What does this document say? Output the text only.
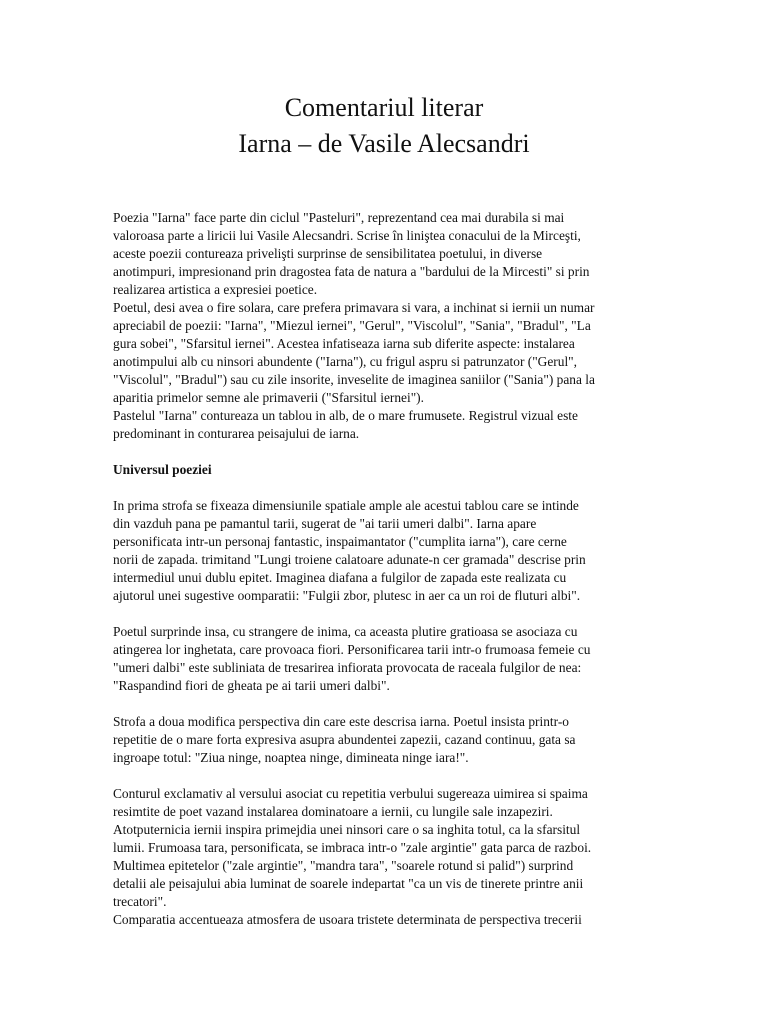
Comentariul literar
Iarna – de Vasile Alecsandri
Poezia "Iarna" face parte din ciclul "Pasteluri", reprezentand cea mai durabila si mai
valoroasa parte a liricii lui Vasile Alecsandri. Scrise în liniştea conacului de la Mirceşti,
aceste poezii contureaza privelişti surprinse de sensibilitatea poetului, in diverse
anotimpuri, impresionand prin dragostea fata de natura a "bardului de la Mircesti" si prin
realizarea artistica a expresiei poetice.
Poetul, desi avea o fire solara, care prefera primavara si vara, a inchinat si iernii un numar
apreciabil de poezii: "Iarna", "Miezul iernei", "Gerul", "Viscolul", "Sania", "Bradul", "La
gura sobei", "Sfarsitul iernei". Acestea infatiseaza iarna sub diferite aspecte: instalarea
anotimpului alb cu ninsori abundente ("Iarna"), cu frigul aspru si patrunzator ("Gerul",
"Viscolul", "Bradul") sau cu zile insorite, inveselite de imaginea saniilor ("Sania") pana la
aparitia primelor semne ale primaverii ("Sfarsitul iernei").
Pastelul "Iarna" contureaza un tablou in alb, de o mare frumusete. Registrul vizual este
predominant in conturarea peisajului de iarna.
Universul poeziei
In prima strofa se fixeaza dimensiunile spatiale ample ale acestui tablou care se intinde
din vazduh pana pe pamantul tarii, sugerat de "ai tarii umeri dalbi". Iarna apare
personificata intr-un personaj fantastic, inspaimantator ("cumplita iarna"), care cerne
norii de zapada. trimitand "Lungi troiene calatoare adunate-n cer gramada" descrise prin
intermediul unui dublu epitet. Imaginea diafana a fulgilor de zapada este realizata cu
ajutorul unei sugestive oomparatii: "Fulgii zbor, plutesc in aer ca un roi de fluturi albi".
Poetul surprinde insa, cu strangere de inima, ca aceasta plutire gratioasa se asociaza cu
atingerea lor inghetata, care provoaca fiori. Personificarea tarii intr-o frumoasa femeie cu
"umeri dalbi" este subliniata de tresarirea infiorata provocata de raceala fulgilor de nea:
"Raspandind fiori de gheata pe ai tarii umeri dalbi".
Strofa a doua modifica perspectiva din care este descrisa iarna. Poetul insista printr-o
repetitie de o mare forta expresiva asupra abundentei zapezii, cazand continuu, gata sa
ingroape totul: "Ziua ninge, noaptea ninge, dimineata ninge iara!".
Conturul exclamativ al versului asociat cu repetitia verbului sugereaza uimirea si spaima
resimtite de poet vazand instalarea dominatoare a iernii, cu lungile sale inzapeziri.
Atotputernicia iernii inspira primejdia unei ninsori care o sa inghita totul, ca la sfarsitul
lumii. Frumoasa tara, personificata, se imbraca intr-o "zale argintie" gata parca de razboi.
Multimea epitetelor ("zale argintie", "mandra tara", "soarele rotund si palid") surprind
detalii ale peisajului abia luminat de soarele indepartat "ca un vis de tinerete printre anii
trecatori".
Comparatia accentueaza atmosfera de usoara tristete determinata de perspectiva trecerii
